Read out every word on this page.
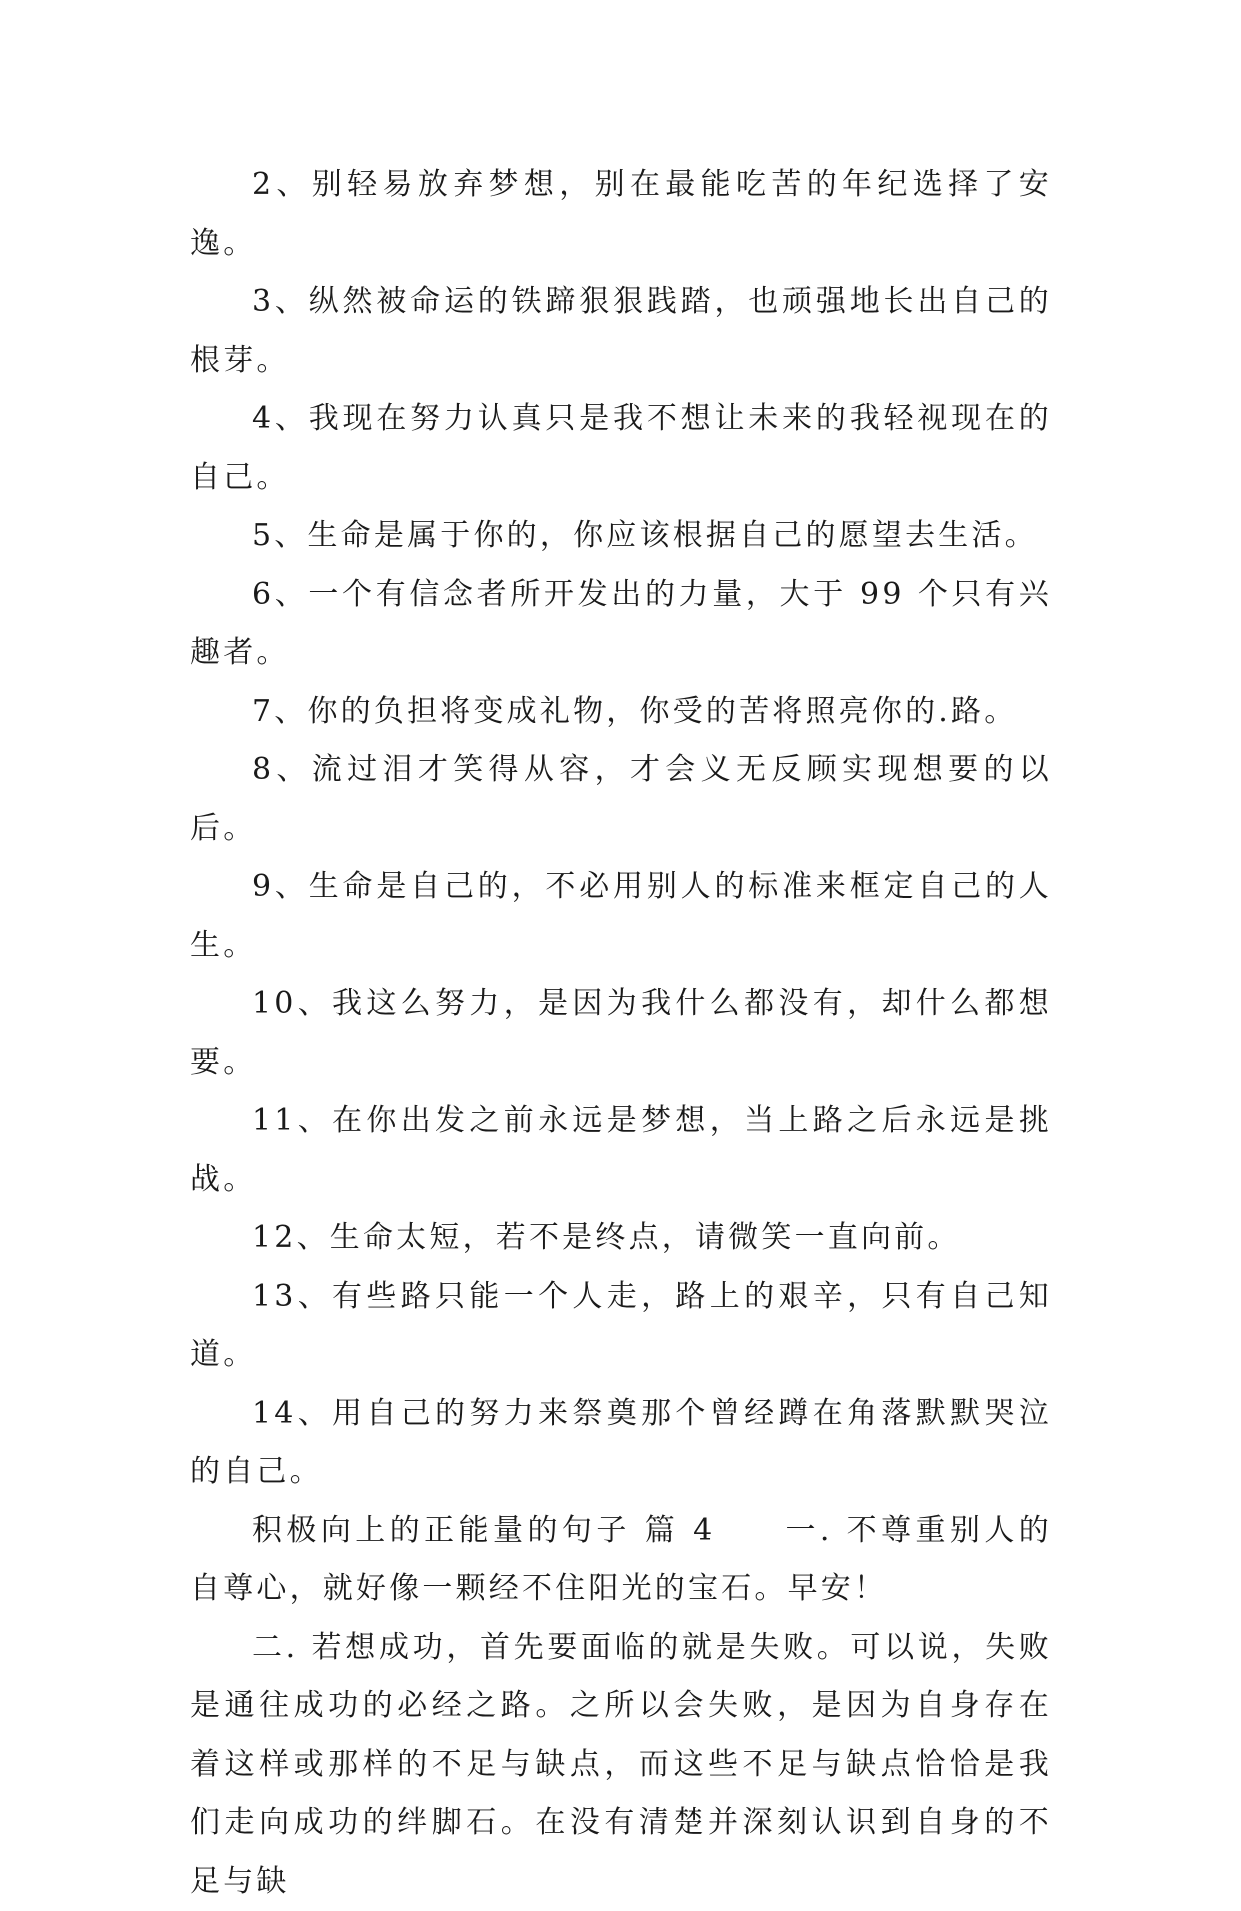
2、别轻易放弃梦想，别在最能吃苦的年纪选择了安逸。

3、纵然被命运的铁蹄狠狠践踏，也顽强地长出自己的根芽。

4、我现在努力认真只是我不想让未来的我轻视现在的自己。

5、生命是属于你的，你应该根据自己的愿望去生活。

6、一个有信念者所开发出的力量，大于 99 个只有兴趣者。

7、你的负担将变成礼物，你受的苦将照亮你的.路。

8、流过泪才笑得从容，才会义无反顾实现想要的以后。

9、生命是自己的，不必用别人的标准来框定自己的人生。

10、我这么努力，是因为我什么都没有，却什么都想要。

11、在你出发之前永远是梦想，当上路之后永远是挑战。

12、生命太短，若不是终点，请微笑一直向前。

13、有些路只能一个人走，路上的艰辛，只有自己知道。

14、用自己的努力来祭奠那个曾经蹲在角落默默哭泣的自己。

积极向上的正能量的句子 篇 4　　一. 不尊重别人的自尊心，就好像一颗经不住阳光的宝石。早安！

二. 若想成功，首先要面临的就是失败。可以说，失败是通往成功的必经之路。之所以会失败，是因为自身存在着这样或那样的不足与缺点，而这些不足与缺点恰恰是我们走向成功的绊脚石。在没有清楚并深刻认识到自身的不足与缺
